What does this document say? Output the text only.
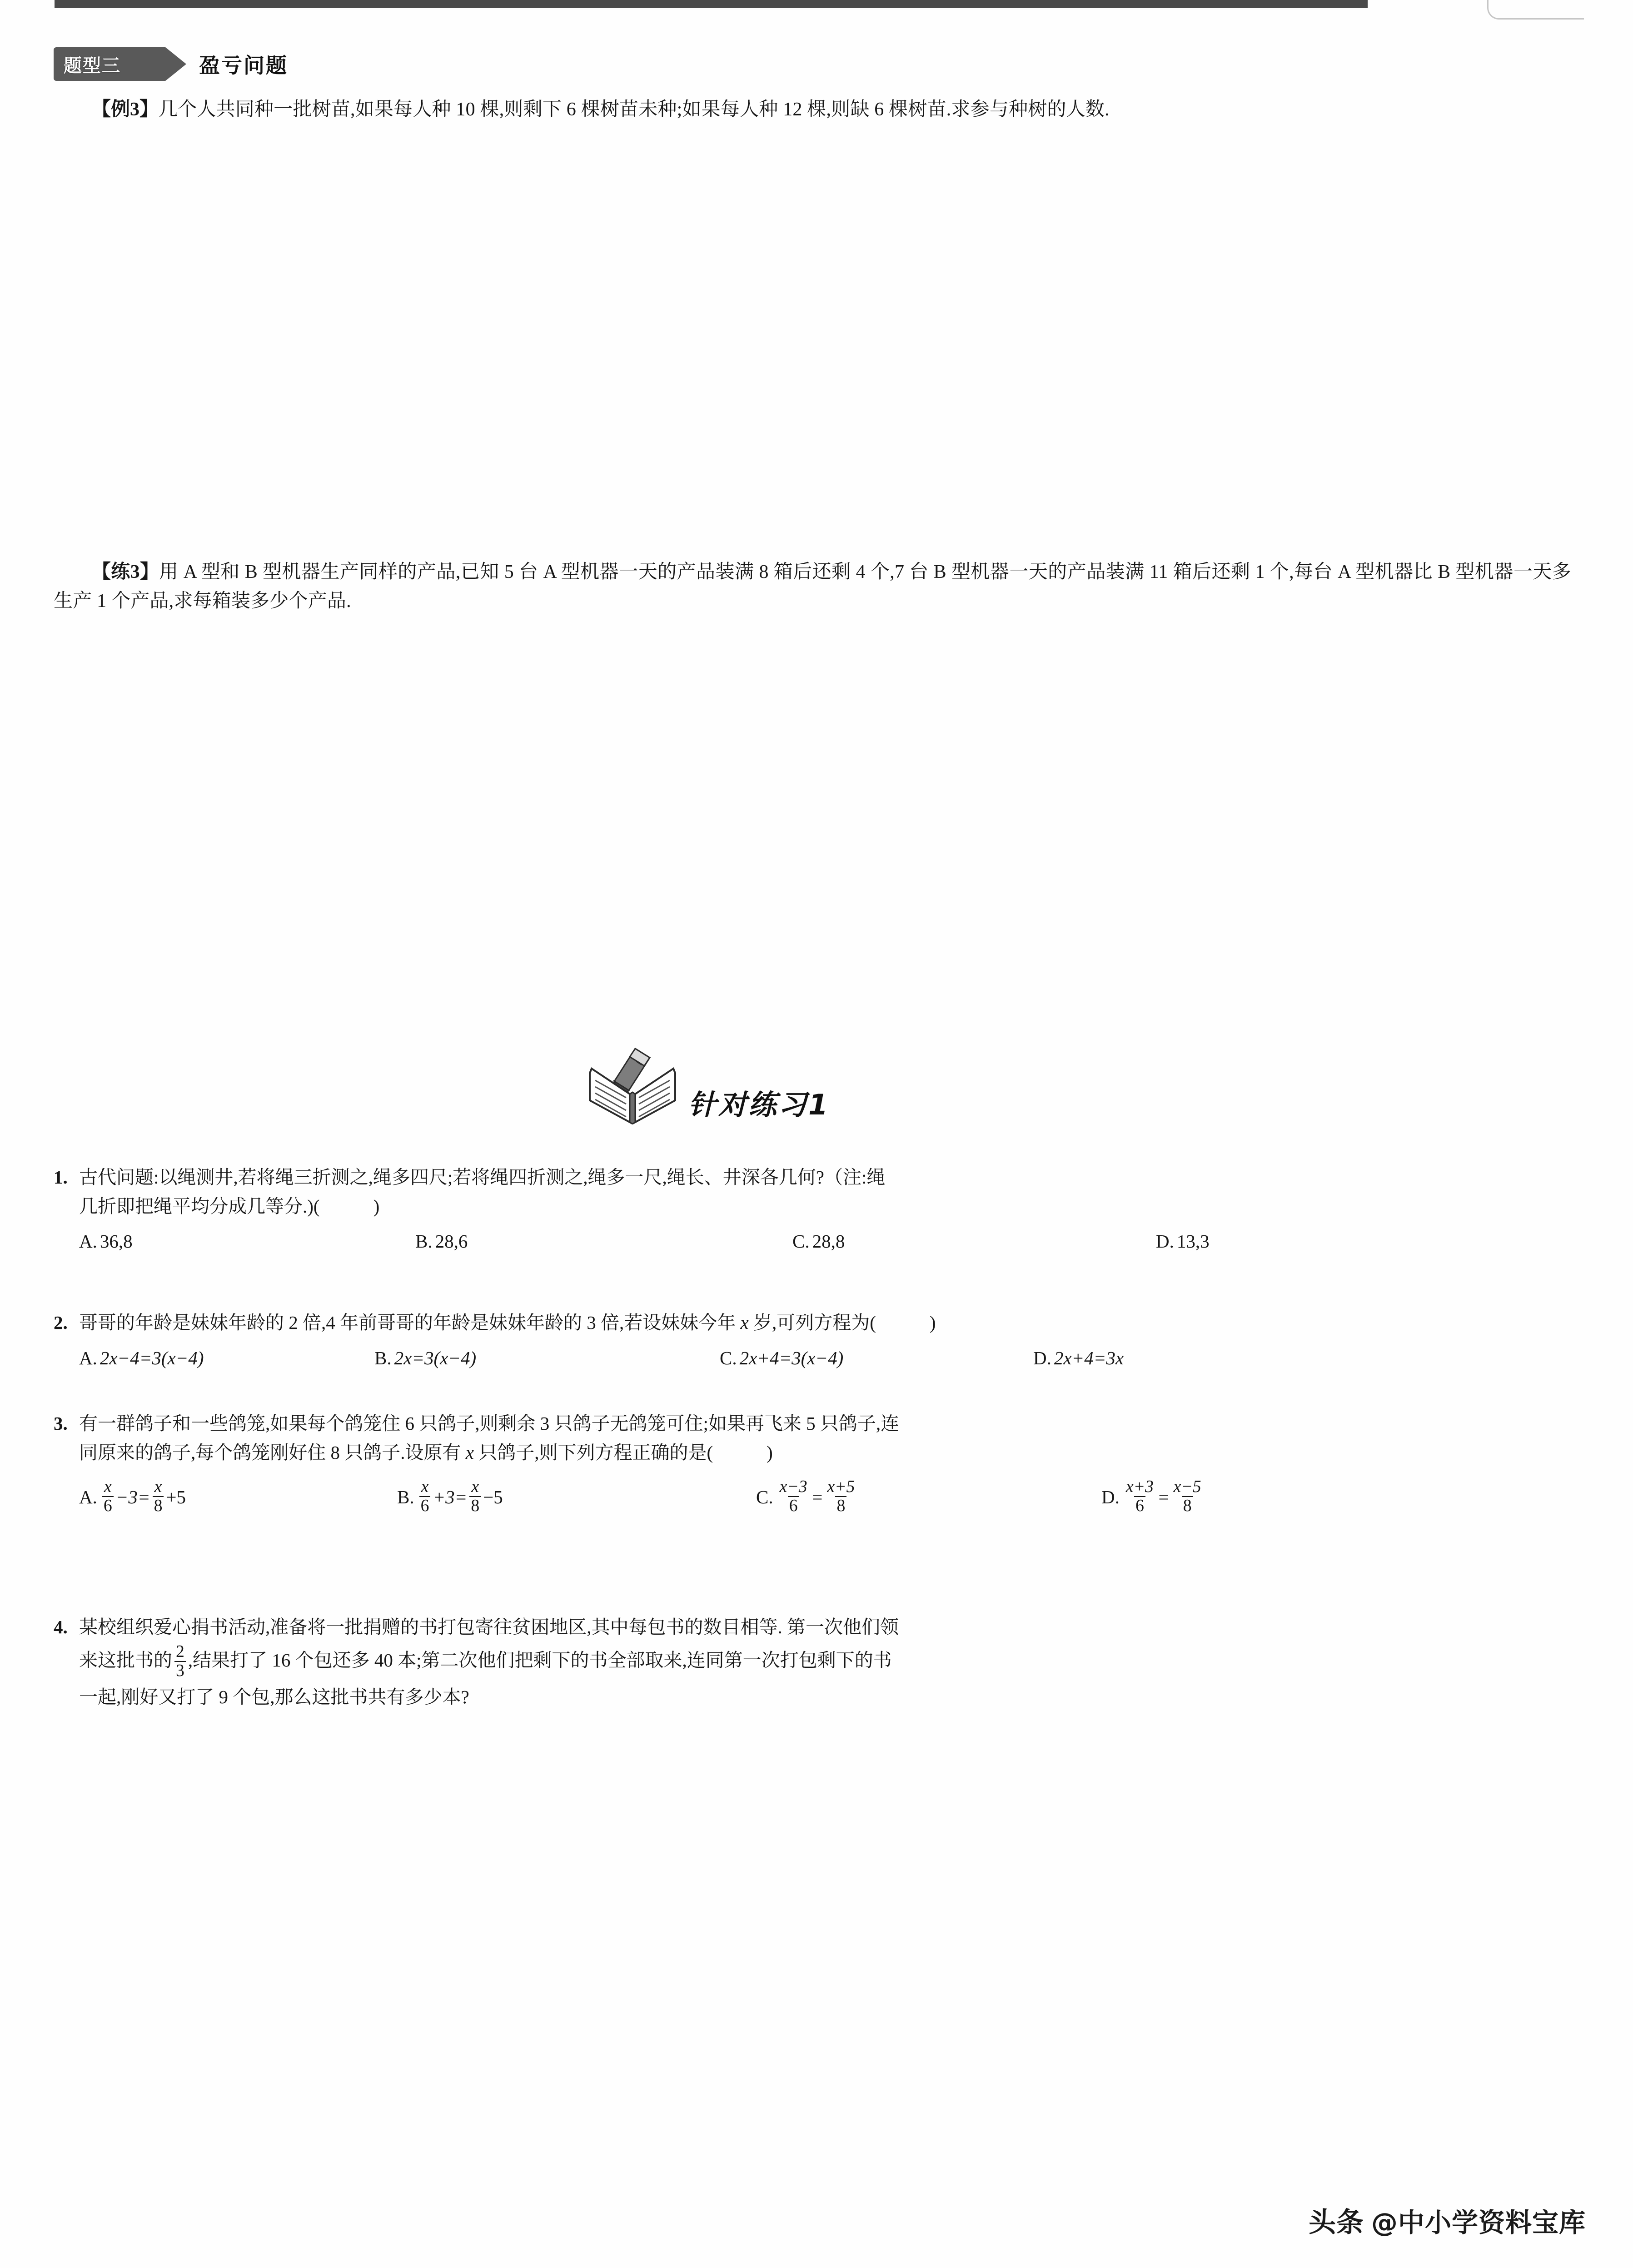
题型三	盈亏问题
【例3】几个人共同种一批树苗,如果每人种 10 棵,则剩下 6 棵树苗未种;如果每人种 12 棵,则缺 6 棵树苗.求参与种树的人数.
【练3】用 A 型和 B 型机器生产同样的产品,已知 5 台 A 型机器一天的产品装满 8 箱后还剩 4 个,7 台 B 型机器一天的产品装满 11 箱后还剩 1 个,每台 A 型机器比 B 型机器一天多生产 1 个产品,求每箱装多少个产品.
针对练习1
1. 古代问题:以绳测井,若将绳三折测之,绳多四尺;若将绳四折测之,绳多一尺,绳长、井深各几何?（注:绳
几折即把绳平均分成几等分.)(	)
A. 36,8	B. 28,6	C. 28,8	D. 13,3
2. 哥哥的年龄是妹妹年龄的 2 倍,4 年前哥哥的年龄是妹妹年龄的 3 倍,若设妹妹今年 x 岁,可列方程为(	)
A. 2x−4=3(x−4)	B. 2x=3(x−4)	C. 2x+4=3(x−4)	D. 2x+4=3x
3. 有一群鸽子和一些鸽笼,如果每个鸽笼住 6 只鸽子,则剩余 3 只鸽子无鸽笼可住;如果再飞来 5 只鸽子,连
同原来的鸽子,每个鸽笼刚好住 8 只鸽子.设原有 x 只鸽子,则下列方程正确的是(	)
A. $\frac{x}{6} -3= \frac{x}{8} +5$	B. $\frac{x}{6} +3= \frac{x}{8} -5$	C. $\frac{x-3}{6} = \frac{x+5}{8}$	D. $\frac{x+3}{6} = \frac{x-5}{8}$
4. 某校组织爱心捐书活动,准备将一批捐赠的书打包寄往贫困地区,其中每包书的数目相等. 第一次他们领
来这批书的 $\frac{2}{3}$ ,结果打了 16 个包还多 40 本;第二次他们把剩下的书全部取来,连同第一次打包剩下的书
一起,刚好又打了 9 个包,那么这批书共有多少本?
头条 @中小学资料宝库
